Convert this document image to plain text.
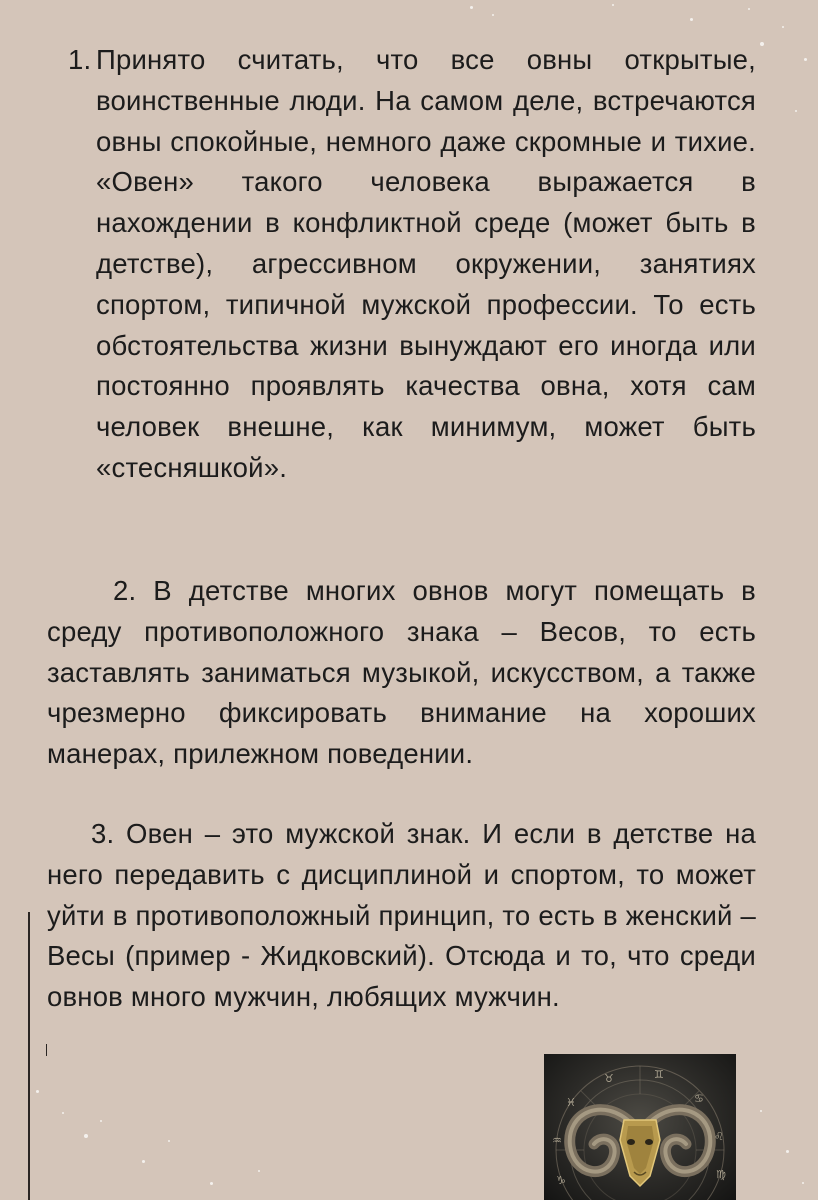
1. Принято считать, что все овны открытые, воинственные люди. На самом деле, встречаются овны спокойные, немного даже скромные и тихие. «Овен» такого человека выражается в нахождении в конфликтной среде (может быть в детстве), агрессивном окружении, занятиях спортом, типичной мужской профессии. То есть обстоятельства жизни вынуждают его иногда или постоянно проявлять качества овна, хотя сам человек внешне, как минимум, может быть «стесняшкой».
2. В детстве многих овнов могут помещать в среду противоположного знака – Весов, то есть заставлять заниматься музыкой, искусством, а также чрезмерно фиксировать внимание на хороших манерах, прилежном поведении.
3. Овен – это мужской знак. И если в детстве на него передавить с дисциплиной и спортом, то может уйти в противоположный принцип, то есть в женский – Весы (пример - Жидковский). Отсюда и то, что среди овнов много мужчин, любящих мужчин.
♉	♊
♋
♓
♒	♌
♍
♑
